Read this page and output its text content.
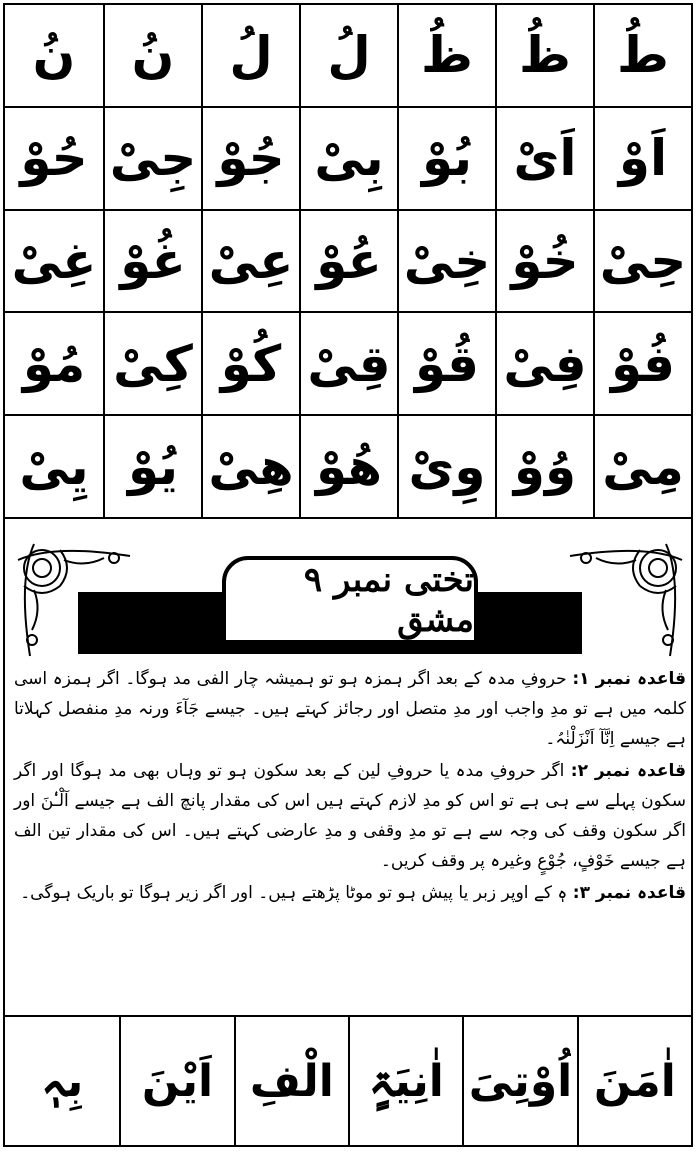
طُ
ظُ
ظُ
لُ
لُ
نُ
نُ
اَوْ
اَیْ
بُوْ
بِیْ
جُوْ
جِیْ
حُوْ
حِیْ
خُوْ
خِیْ
عُوْ
عِیْ
غُوْ
غِیْ
فُوْ
فِیْ
قُوْ
قِیْ
کُوْ
کِیْ
مُوْ
مِیْ
وُوْ
وِیْ
ھُوْ
ھِیْ
یُوْ
یِیْ
تختی نمبر ۹ مشق

قاعدہ نمبر ۱: حروفِ مدہ کے بعد اگر ہمزہ ہو تو ہمیشہ چار الفی مد ہوگا۔ اگر ہمزہ اسی کلمہ میں ہے تو مدِ واجب اور مدِ متصل اور رجائز کہتے ہیں۔ جیسے جَآءَ ورنہ مدِ منفصل کہلاتا ہے جیسے اِنَّآ اَنْزَلْنٰہُ۔

قاعدہ نمبر ۲: اگر حروفِ مدہ یا حروفِ لین کے بعد سکون ہو تو وہاں بھی مد ہوگا اور اگر سکون پہلے سے ہی ہے تو اس کو مدِ لازم کہتے ہیں اس کی مقدار پانچ الف ہے جیسے آلْـٰٔنَ اور اگر سکون وقف کی وجہ سے ہے تو مدِ وقفی و مدِ عارضی کہتے ہیں۔ اس کی مقدار تین الف ہے جیسے خَوْفٍ، جُوْعٍ وغیرہ پر وقف کریں۔

قاعدہ نمبر ۳: ہٖ کے اوپر زبر یا پیش ہو تو موٹا پڑھتے ہیں۔ اور اگر زیر ہوگا تو باریک ہوگی۔

اٰمَنَ
اُوْتِیَ
اٰنِیَۃٍ
الْفِ
اَیْنَ
بِہٖ
